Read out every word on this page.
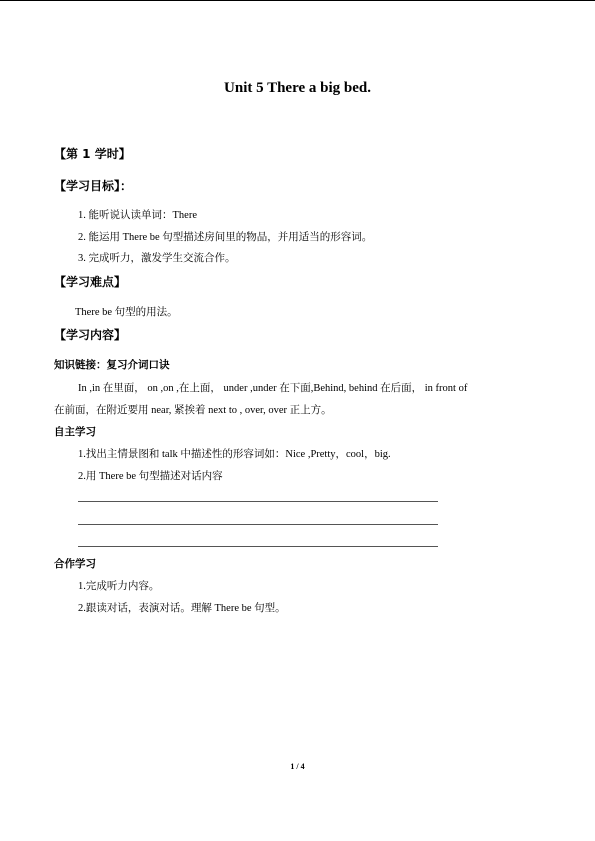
Unit 5 There a big bed.
【第 1 学时】
【学习目标】：
1. 能听说认读单词：There
2. 能运用 There be 句型描述房间里的物品，并用适当的形容词。
3. 完成听力，激发学生交流合作。
【学习难点】
There be 句型的用法。
【学习内容】
知识链接：复习介词口诀
In ,in 在里面， on ,on ,在上面， under ,under 在下面,Behind, behind 在后面， in front of
在前面，在附近要用 near, 紧挨着 next to , over, over 正上方。
自主学习
1.找出主情景图和 talk 中描述性的形容词如：Nice ,Pretty，cool，big.
2.用 There be 句型描述对话内容
合作学习
1.完成听力内容。
2.跟读对话，表演对话。理解 There be 句型。
1 / 4
